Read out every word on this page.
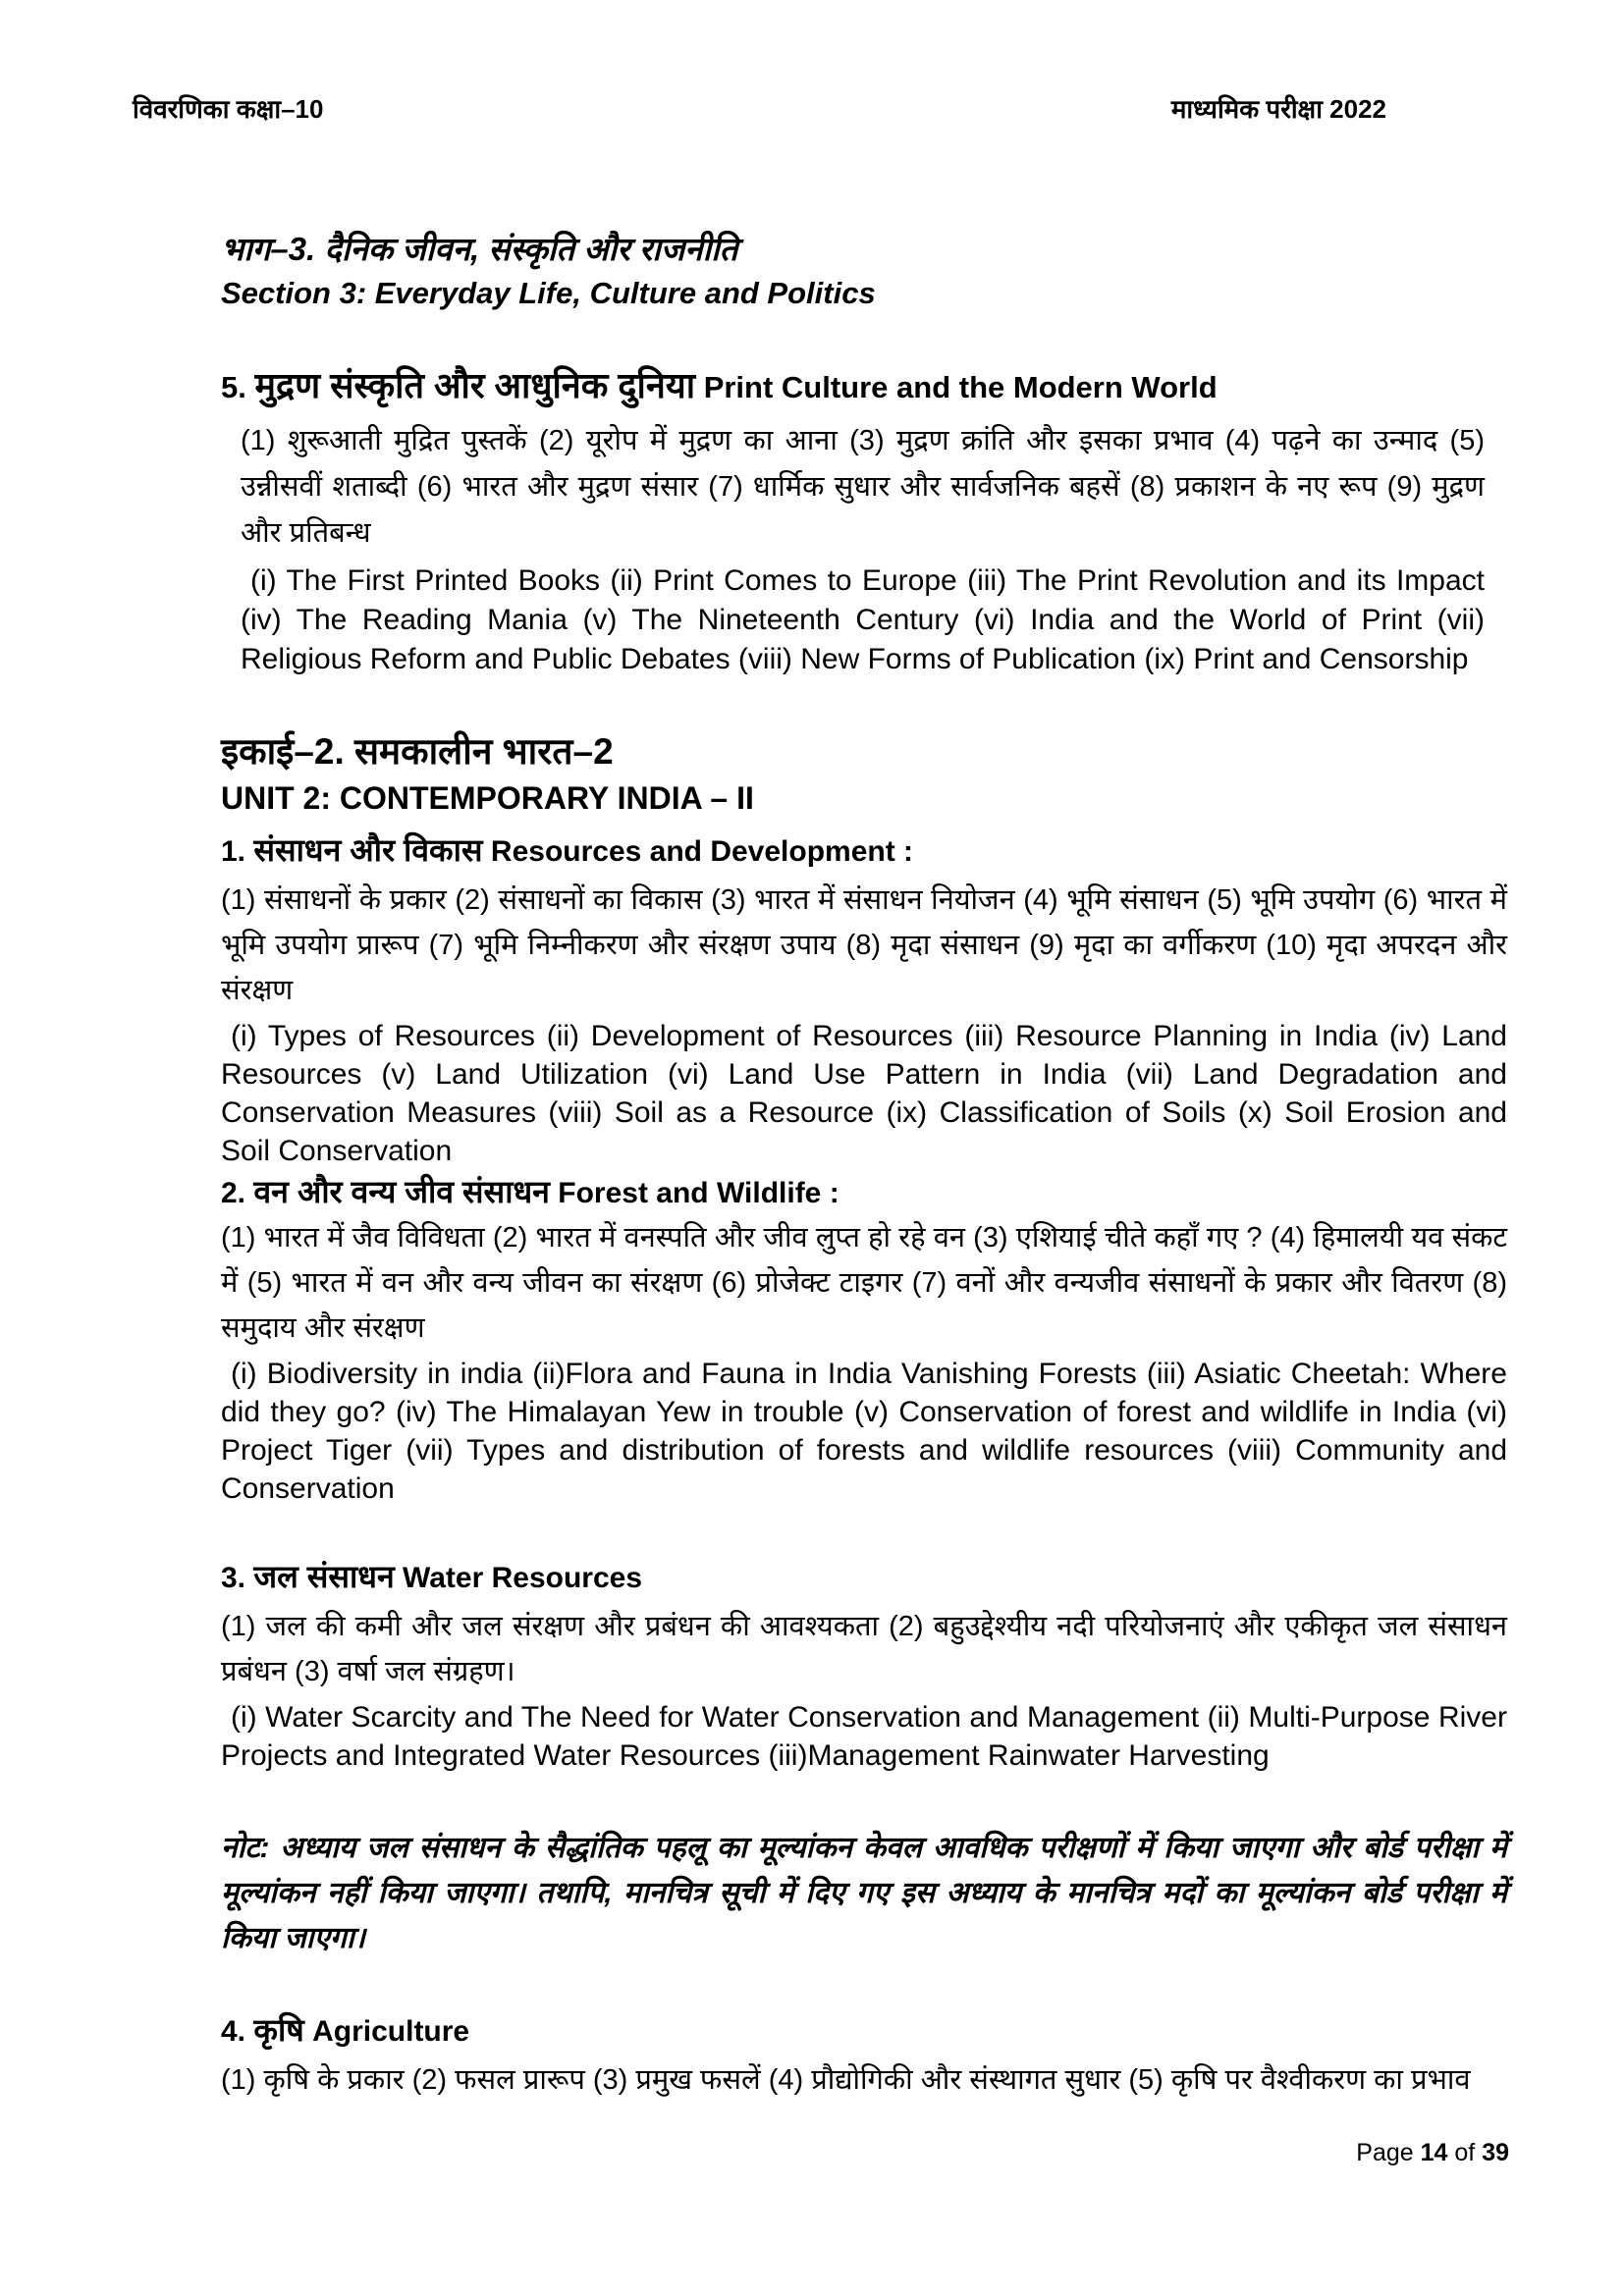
विवरणिका कक्षा–10	माध्यमिक परीक्षा 2022
भाग–3. दैनिक जीवन, संस्कृति और राजनीति
Section 3: Everyday Life, Culture and Politics
5. मुद्रण संस्कृति और आधुनिक दुनिया Print Culture and the Modern World
(1) शुरूआती मुद्रित पुस्तकें (2) यूरोप में मुद्रण का आना (3) मुद्रण क्रांति और इसका प्रभाव (4) पढ़ने का उन्माद (5) उन्नीसवीं शताब्दी (6) भारत और मुद्रण संसार (7) धार्मिक सुधार और सार्वजनिक बहसें (8) प्रकाशन के नए रूप (9) मुद्रण और प्रतिबन्ध
(i) The First Printed Books (ii) Print Comes to Europe (iii) The Print Revolution and its Impact (iv) The Reading Mania (v) The Nineteenth Century (vi) India and the World of Print (vii) Religious Reform and Public Debates (viii) New Forms of Publication (ix) Print and Censorship
इकाई–2. समकालीन भारत–2
UNIT 2: CONTEMPORARY INDIA – II
1. संसाधन और विकास Resources and Development :
(1) संसाधनों के प्रकार (2) संसाधनों का विकास (3) भारत में संसाधन नियोजन (4) भूमि संसाधन (5) भूमि उपयोग (6) भारत में भूमि उपयोग प्रारूप (7) भूमि निम्नीकरण और संरक्षण उपाय (8) मृदा संसाधन (9) मृदा का वर्गीकरण (10) मृदा अपरदन और संरक्षण
(i) Types of Resources (ii) Development of Resources (iii) Resource Planning in India (iv) Land Resources (v) Land Utilization (vi) Land Use Pattern in India (vii) Land Degradation and Conservation Measures (viii) Soil as a Resource (ix) Classification of Soils (x) Soil Erosion and Soil Conservation
2. वन और वन्य जीव संसाधन Forest and Wildlife :
(1) भारत में जैव विविधता (2) भारत में वनस्पति और जीव लुप्त हो रहे वन (3) एशियाई चीते कहाँ गए ? (4) हिमालयी यव संकट में (5) भारत में वन और वन्य जीवन का संरक्षण (6) प्रोजेक्ट टाइगर (7) वनों और वन्यजीव संसाधनों के प्रकार और वितरण (8) समुदाय और संरक्षण
(i) Biodiversity in india (ii)Flora and Fauna in India Vanishing Forests (iii) Asiatic Cheetah: Where did they go? (iv) The Himalayan Yew in trouble (v) Conservation of forest and wildlife in India (vi) Project Tiger (vii) Types and distribution of forests and wildlife resources (viii) Community and Conservation
3. जल संसाधन Water Resources
(1) जल की कमी और जल संरक्षण और प्रबंधन की आवश्यकता (2) बहुउद्देश्यीय नदी परियोजनाएं और एकीकृत जल संसाधन प्रबंधन (3) वर्षा जल संग्रहण।
(i) Water Scarcity and The Need for Water Conservation and Management (ii) Multi-Purpose River Projects and Integrated Water Resources (iii)Management Rainwater Harvesting
नोट: अध्याय जल संसाधन के सैद्धांतिक पहलू का मूल्यांकन केवल आवधिक परीक्षणों में किया जाएगा और बोर्ड परीक्षा में मूल्यांकन नहीं किया जाएगा। तथापि, मानचित्र सूची में दिए गए इस अध्याय के मानचित्र मदों का मूल्यांकन बोर्ड परीक्षा में किया जाएगा।
4. कृषि Agriculture
(1) कृषि के प्रकार (2) फसल प्रारूप (3) प्रमुख फसलें (4) प्रौद्योगिकी और संस्थागत सुधार (5) कृषि पर वैश्वीकरण का प्रभाव
Page 14 of 39
